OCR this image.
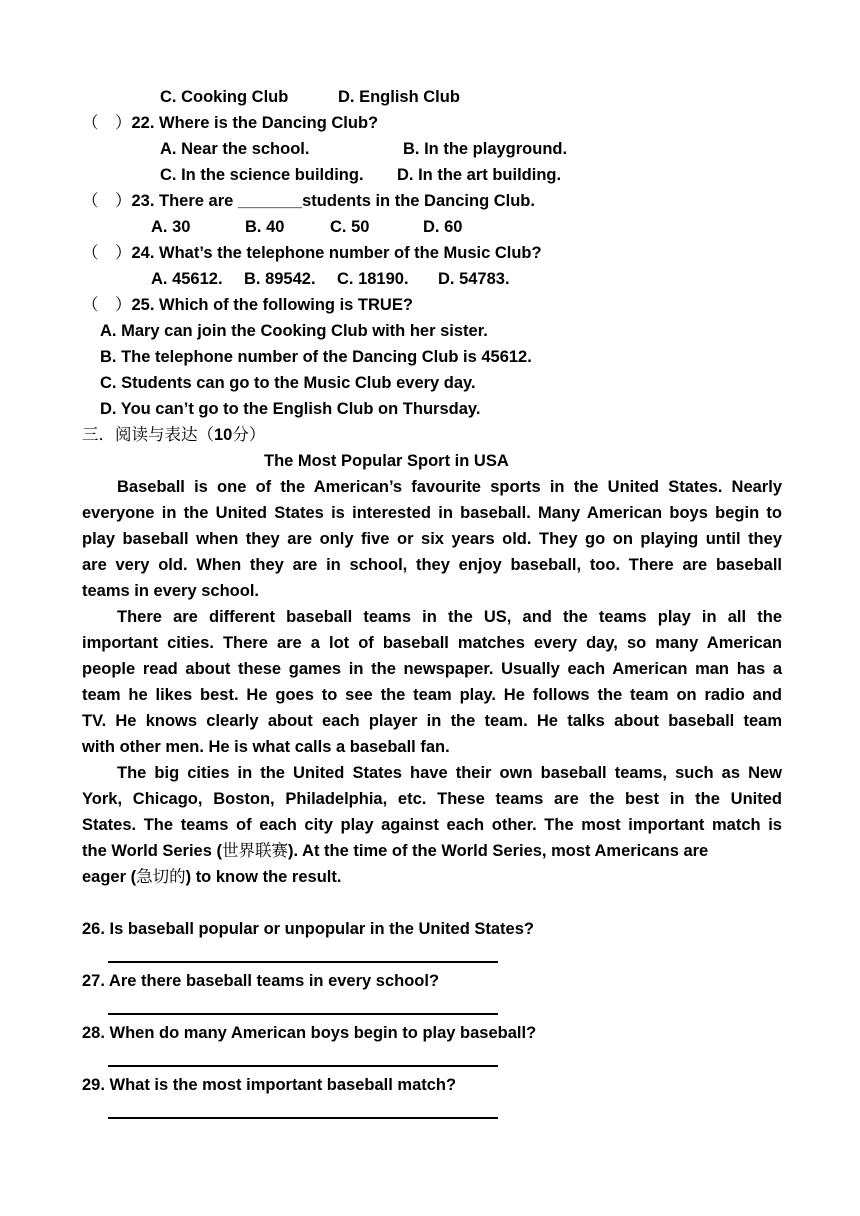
C. Cooking Club	D. English Club
（　）22. Where is the Dancing Club?
A. Near the school.	B. In the playground.
C. In the science building. D. In the art building.
（　）23. There are _______students in the Dancing Club.
A. 30	B. 40	C. 50	D. 60
（　）24. What’s the telephone number of the Music Club?
A. 45612. B. 89542. C. 18190. D. 54783.
（　）25. Which of the following is TRUE?
A. Mary can join the Cooking Club with her sister.
B. The telephone number of the Dancing Club is 45612.
C. Students can go to the Music Club every day.
D. You can’t go to the English Club on Thursday.
三．阅读与表达（10分）
The Most Popular Sport in USA
Baseball is one of the American’s favourite sports in the United States. Nearly
everyone in the United States is interested in baseball. Many American boys begin to
play baseball when they are only five or six years old. They go on playing until they
are very old. When they are in school, they enjoy baseball, too. There are baseball
teams in every school.
There are different baseball teams in the US, and the teams play in all the
important cities. There are a lot of baseball matches every day, so many American
people read about these games in the newspaper. Usually each American man has a
team he likes best. He goes to see the team play. He follows the team on radio and
TV. He knows clearly about each player in the team. He talks about baseball team
with other men. He is what calls a baseball fan.
The big cities in the United States have their own baseball teams, such as New
York, Chicago, Boston, Philadelphia, etc. These teams are the best in the United
States. The teams of each city play against each other. The most important match is
the World Series (世界联赛). At the time of the World Series, most Americans are
eager (急切的) to know the result.
26. Is baseball popular or unpopular in the United States?
27. Are there baseball teams in every school?
28. When do many American boys begin to play baseball?
29. What is the most important baseball match?
